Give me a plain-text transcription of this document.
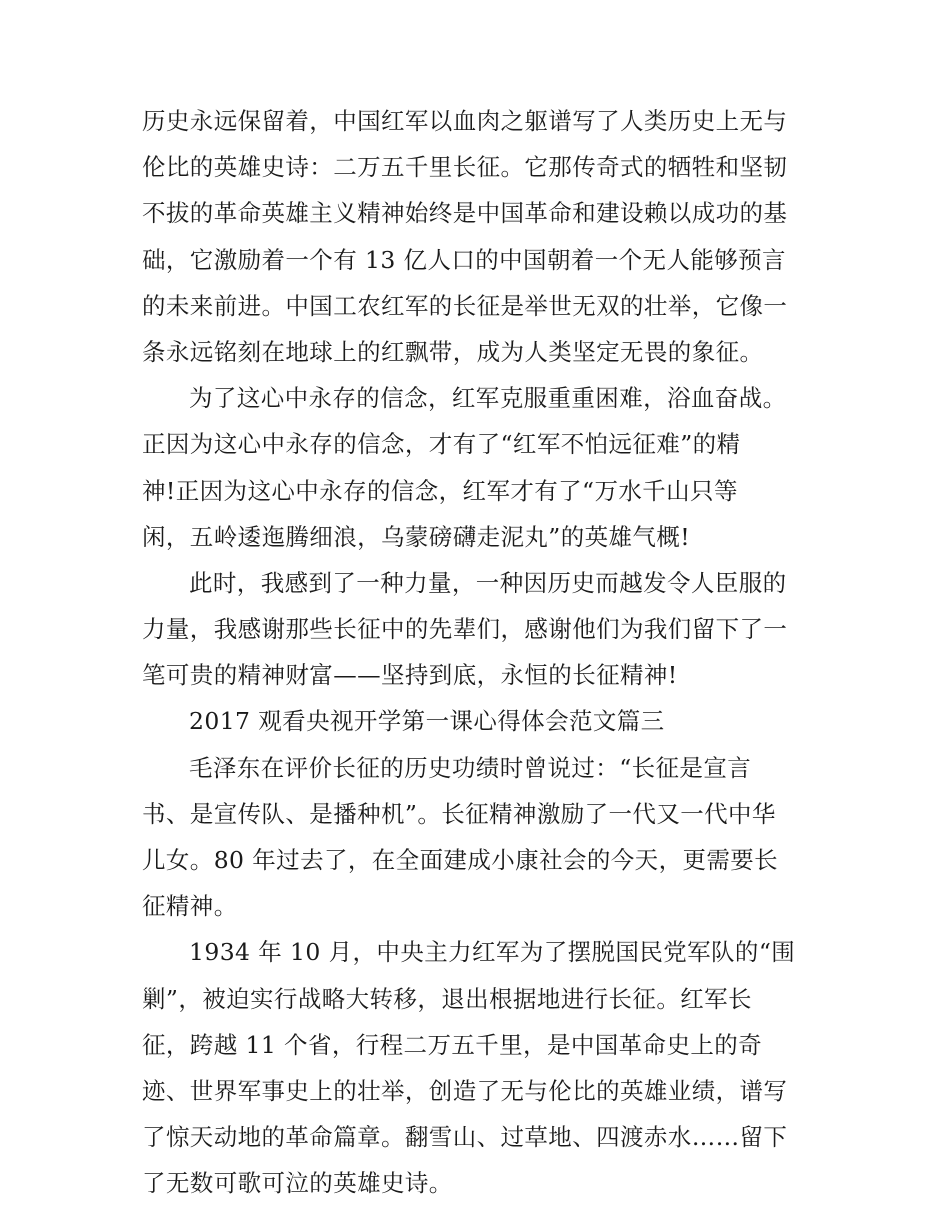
历史永远保留着，中国红军以血肉之躯谱写了人类历史上无与
伦比的英雄史诗：二万五千里长征。它那传奇式的牺牲和坚韧
不拔的革命英雄主义精神始终是中国革命和建设赖以成功的基
础，它激励着一个有 13 亿人口的中国朝着一个无人能够预言
的未来前进。中国工农红军的长征是举世无双的壮举，它像一
条永远铭刻在地球上的红飘带，成为人类坚定无畏的象征。
为了这心中永存的信念，红军克服重重困难，浴血奋战。
正因为这心中永存的信念，才有了“红军不怕远征难”的精
神!正因为这心中永存的信念，红军才有了“万水千山只等
闲，五岭逶迤腾细浪，乌蒙磅礴走泥丸”的英雄气概!
此时，我感到了一种力量，一种因历史而越发令人臣服的
力量，我感谢那些长征中的先辈们，感谢他们为我们留下了一
笔可贵的精神财富——坚持到底，永恒的长征精神!
2017 观看央视开学第一课心得体会范文篇三
毛泽东在评价长征的历史功绩时曾说过：“长征是宣言
书、是宣传队、是播种机”。长征精神激励了一代又一代中华
儿女。80 年过去了，在全面建成小康社会的今天，更需要长
征精神。
1934 年 10 月，中央主力红军为了摆脱国民党军队的“围
剿”，被迫实行战略大转移，退出根据地进行长征。红军长
征，跨越 11 个省，行程二万五千里，是中国革命史上的奇
迹、世界军事史上的壮举，创造了无与伦比的英雄业绩，谱写
了惊天动地的革命篇章。翻雪山、过草地、四渡赤水……留下
了无数可歌可泣的英雄史诗。
